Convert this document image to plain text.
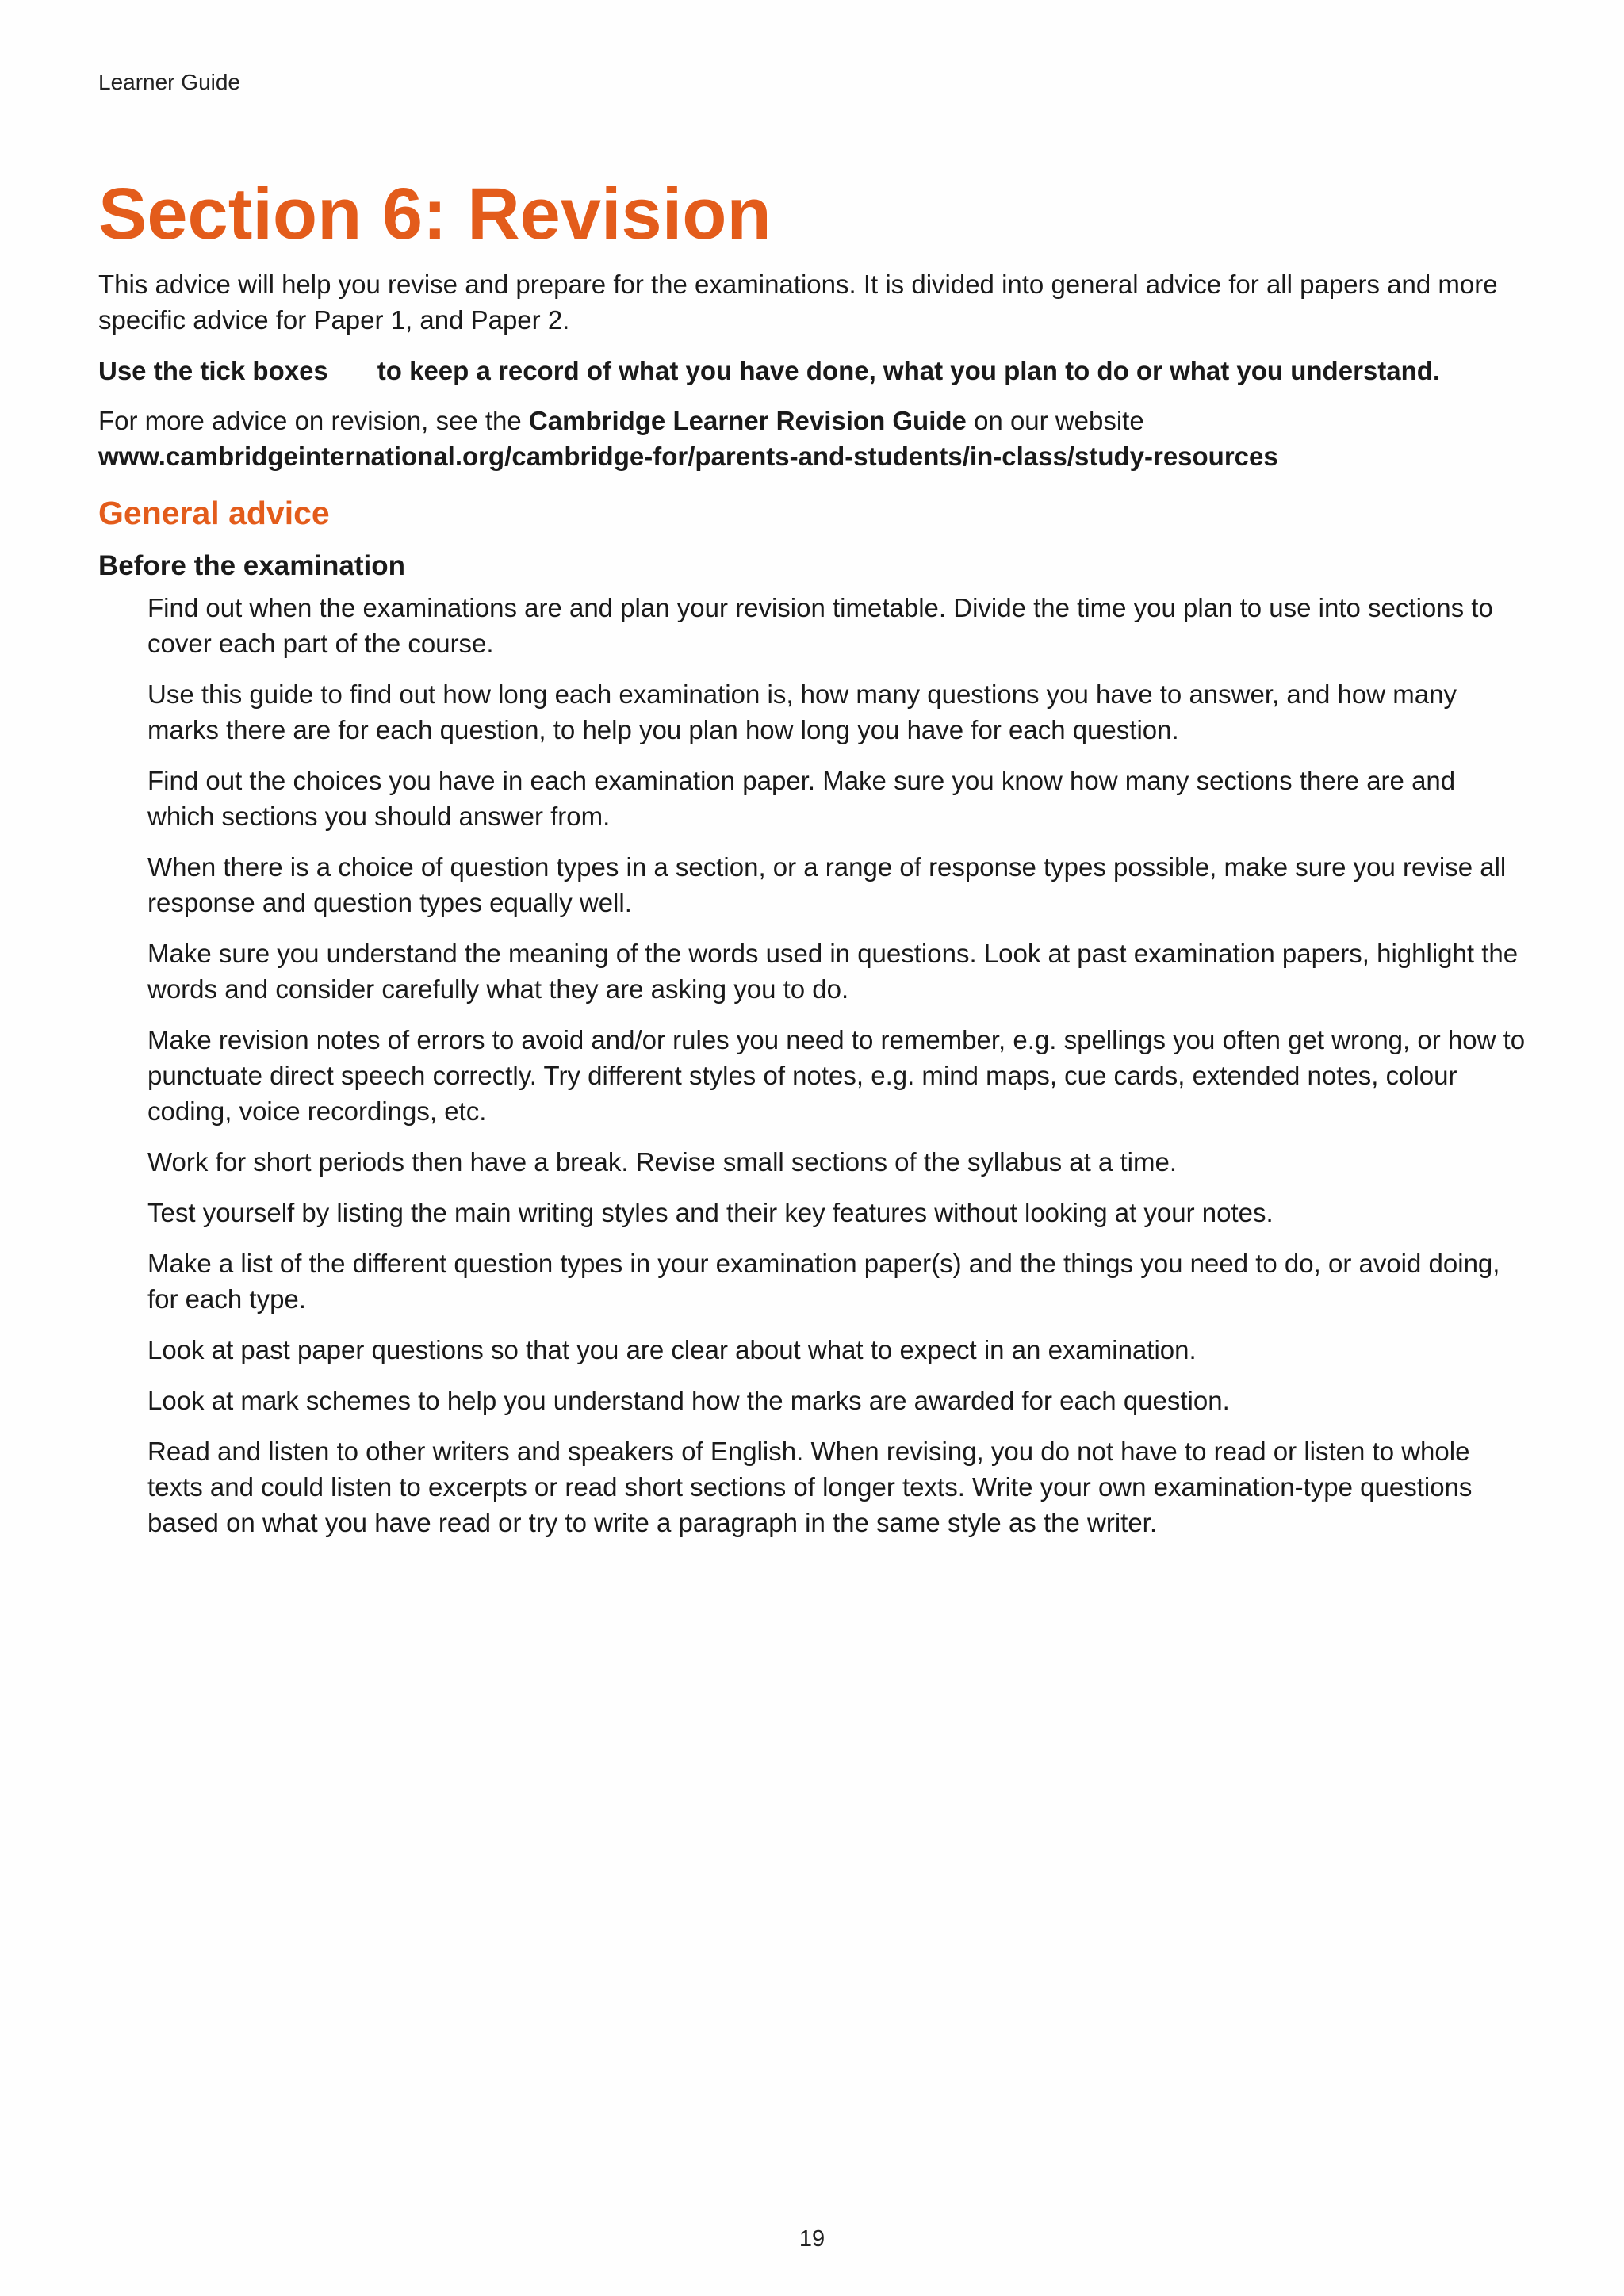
Learner Guide
Section 6: Revision

This advice will help you revise and prepare for the examinations. It is divided into general advice for all papers and more specific advice for Paper 1, and Paper 2.

Use the tick boxes to keep a record of what you have done, what you plan to do or what you understand.

For more advice on revision, see the Cambridge Learner Revision Guide on our website
www.cambridgeinternational.org/cambridge-for/parents-and-students/in-class/study-resources

General advice
Before the examination
Find out when the examinations are and plan your revision timetable. Divide the time you plan to use into sections to cover each part of the course.
Use this guide to find out how long each examination is, how many questions you have to answer, and how many marks there are for each question, to help you plan how long you have for each question.
Find out the choices you have in each examination paper. Make sure you know how many sections there are and which sections you should answer from.
When there is a choice of question types in a section, or a range of response types possible, make sure you revise all response and question types equally well.
Make sure you understand the meaning of the words used in questions. Look at past examination papers, highlight the words and consider carefully what they are asking you to do.
Make revision notes of errors to avoid and/or rules you need to remember, e.g. spellings you often get wrong, or how to punctuate direct speech correctly. Try different styles of notes, e.g. mind maps, cue cards, extended notes, colour coding, voice recordings, etc.
Work for short periods then have a break. Revise small sections of the syllabus at a time.
Test yourself by listing the main writing styles and their key features without looking at your notes.
Make a list of the different question types in your examination paper(s) and the things you need to do, or avoid doing, for each type.
Look at past paper questions so that you are clear about what to expect in an examination.
Look at mark schemes to help you understand how the marks are awarded for each question.
Read and listen to other writers and speakers of English. When revising, you do not have to read or listen to whole texts and could listen to excerpts or read short sections of longer texts. Write your own examination-type questions based on what you have read or try to write a paragraph in the same style as the writer.
19
